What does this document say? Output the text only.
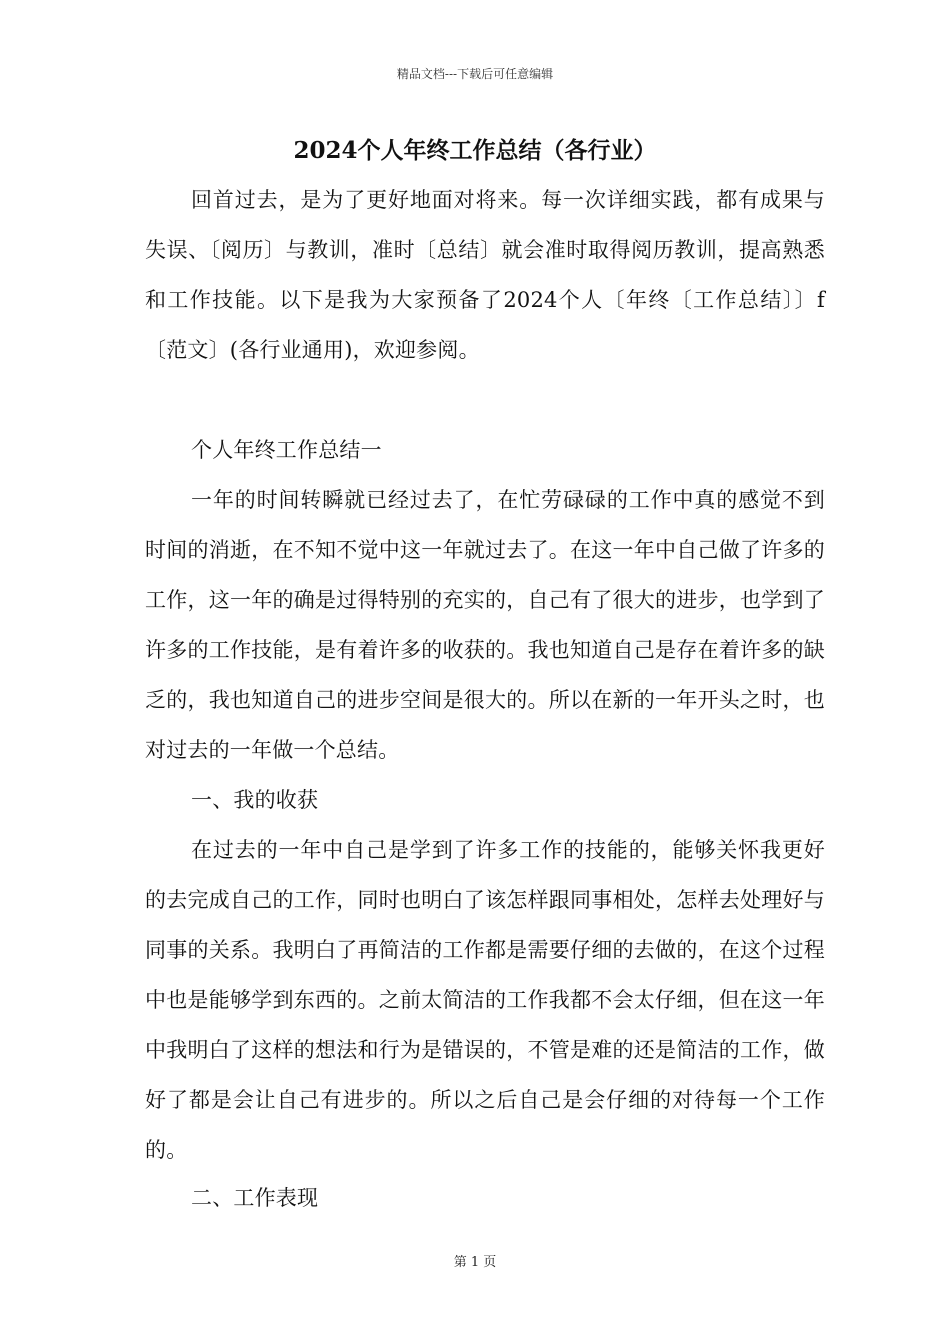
精品文档---下载后可任意编辑
2024个人年终工作总结（各行业）

回首过去，是为了更好地面对将来。每一次详细实践，都有成果与失误、〔阅历〕与教训，准时〔总结〕就会准时取得阅历教训，提高熟悉和工作技能。以下是我为大家预备了2024个人〔年终〔工作总结〕〕f〔范文〕(各行业通用)，欢迎参阅。

个人年终工作总结一

一年的时间转瞬就已经过去了，在忙劳碌碌的工作中真的感觉不到时间的消逝，在不知不觉中这一年就过去了。在这一年中自己做了许多的工作，这一年的确是过得特别的充实的，自己有了很大的进步，也学到了许多的工作技能，是有着许多的收获的。我也知道自己是存在着许多的缺乏的，我也知道自己的进步空间是很大的。所以在新的一年开头之时，也对过去的一年做一个总结。

一、我的收获

在过去的一年中自己是学到了许多工作的技能的，能够关怀我更好的去完成自己的工作，同时也明白了该怎样跟同事相处，怎样去处理好与同事的关系。我明白了再简洁的工作都是需要仔细的去做的，在这个过程中也是能够学到东西的。之前太简洁的工作我都不会太仔细，但在这一年中我明白了这样的想法和行为是错误的，不管是难的还是简洁的工作，做好了都是会让自己有进步的。所以之后自己是会仔细的对待每一个工作的。

二、工作表现

第 1 页
